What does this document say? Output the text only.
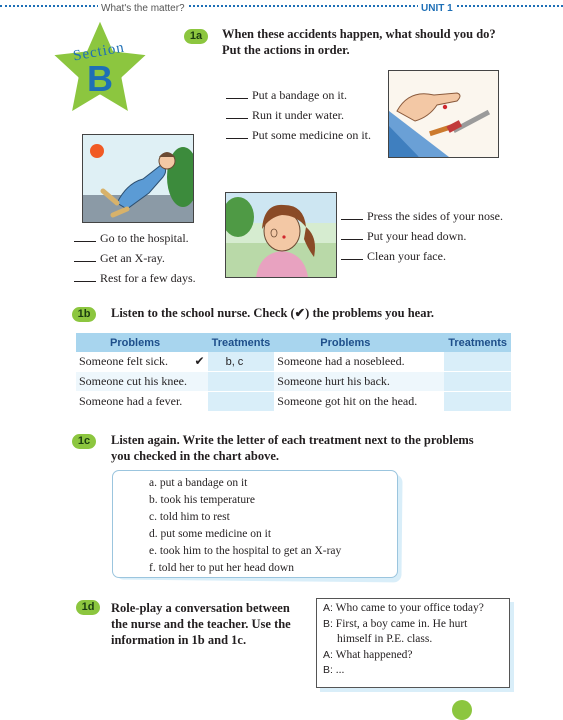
What's the matter?	UNIT 1
Section
B
1a	When these accidents happen, what should you do?
Put the actions in order.
Put a bandage on it.
Run it under water.
Put some medicine on it.
Go to the hospital.
Get an X-ray.
Rest for a few days.
Press the sides of your nose.
Put your head down.
Clean your face.
1b	Listen to the school nurse. Check (✔) the problems you hear.
Problems		Treatments	Problems	Treatments
Someone felt sick.	✔	b, c	Someone had a nosebleed.	
Someone cut his knee.			Someone hurt his back.	
Someone had a fever.			Someone got hit on the head.	
1c	Listen again. Write the letter of each treatment next to the problems
you checked in the chart above.
a. put a bandage on it
b. took his temperature
c. told him to rest
d. put some medicine on it
e. took him to the hospital to get an X-ray
f. told her to put her head down
1d	Role-play a conversation between
the nurse and the teacher. Use the
information in 1b and 1c.
A: Who came to your office today?
B: First, a boy came in. He hurt
himself in P.E. class.
A: What happened?
B: ...
